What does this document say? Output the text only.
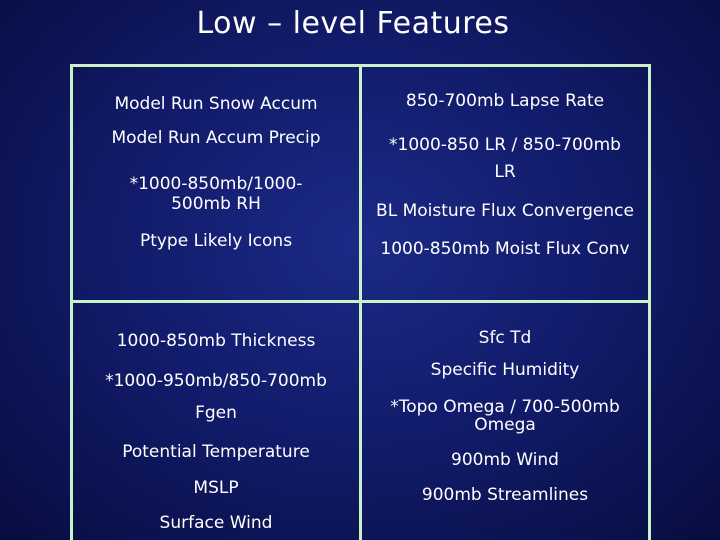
Low – level Features
Model Run Snow Accum
Model Run Accum Precip
*1000-850mb/1000-
500mb RH
Ptype Likely Icons
850-700mb Lapse Rate
*1000-850 LR / 850-700mb
LR
BL Moisture Flux Convergence
1000-850mb Moist Flux Conv
1000-850mb Thickness
*1000-950mb/850-700mb
Fgen
Potential Temperature
MSLP
Surface Wind
Sfc Td
Specific Humidity
*Topo Omega / 700-500mb
Omega
900mb Wind
900mb Streamlines
